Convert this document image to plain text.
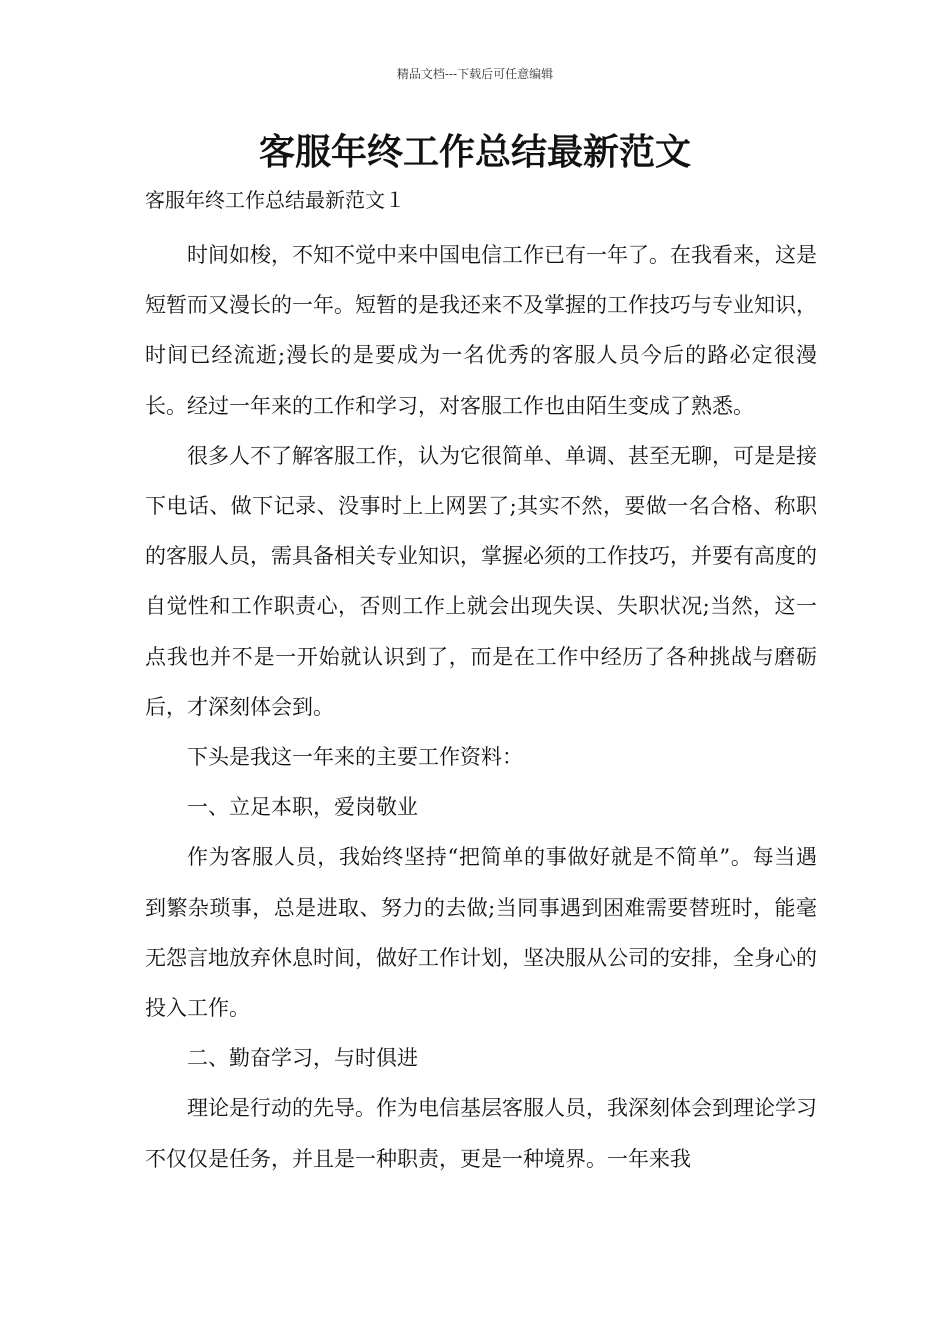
精品文档---下载后可任意编辑
客服年终工作总结最新范文

客服年终工作总结最新范文１

时间如梭，不知不觉中来中国电信工作已有一年了。在我看来，这是短暂而又漫长的一年。短暂的是我还来不及掌握的工作技巧与专业知识，时间已经流逝;漫长的是要成为一名优秀的客服人员今后的路必定很漫长。经过一年来的工作和学习，对客服工作也由陌生变成了熟悉。

很多人不了解客服工作，认为它很简单、单调、甚至无聊，可是是接下电话、做下记录、没事时上上网罢了;其实不然，要做一名合格、称职的客服人员，需具备相关专业知识，掌握必须的工作技巧，并要有高度的自觉性和工作职责心，否则工作上就会出现失误、失职状况;当然，这一点我也并不是一开始就认识到了，而是在工作中经历了各种挑战与磨砺后，才深刻体会到。

下头是我这一年来的主要工作资料：

一、立足本职，爱岗敬业

作为客服人员，我始终坚持“把简单的事做好就是不简单”。每当遇到繁杂琐事，总是进取、努力的去做;当同事遇到困难需要替班时，能毫无怨言地放弃休息时间，做好工作计划，坚决服从公司的安排，全身心的投入工作。

二、勤奋学习，与时俱进

理论是行动的先导。作为电信基层客服人员，我深刻体会到理论学习不仅仅是任务，并且是一种职责，更是一种境界。一年来我
